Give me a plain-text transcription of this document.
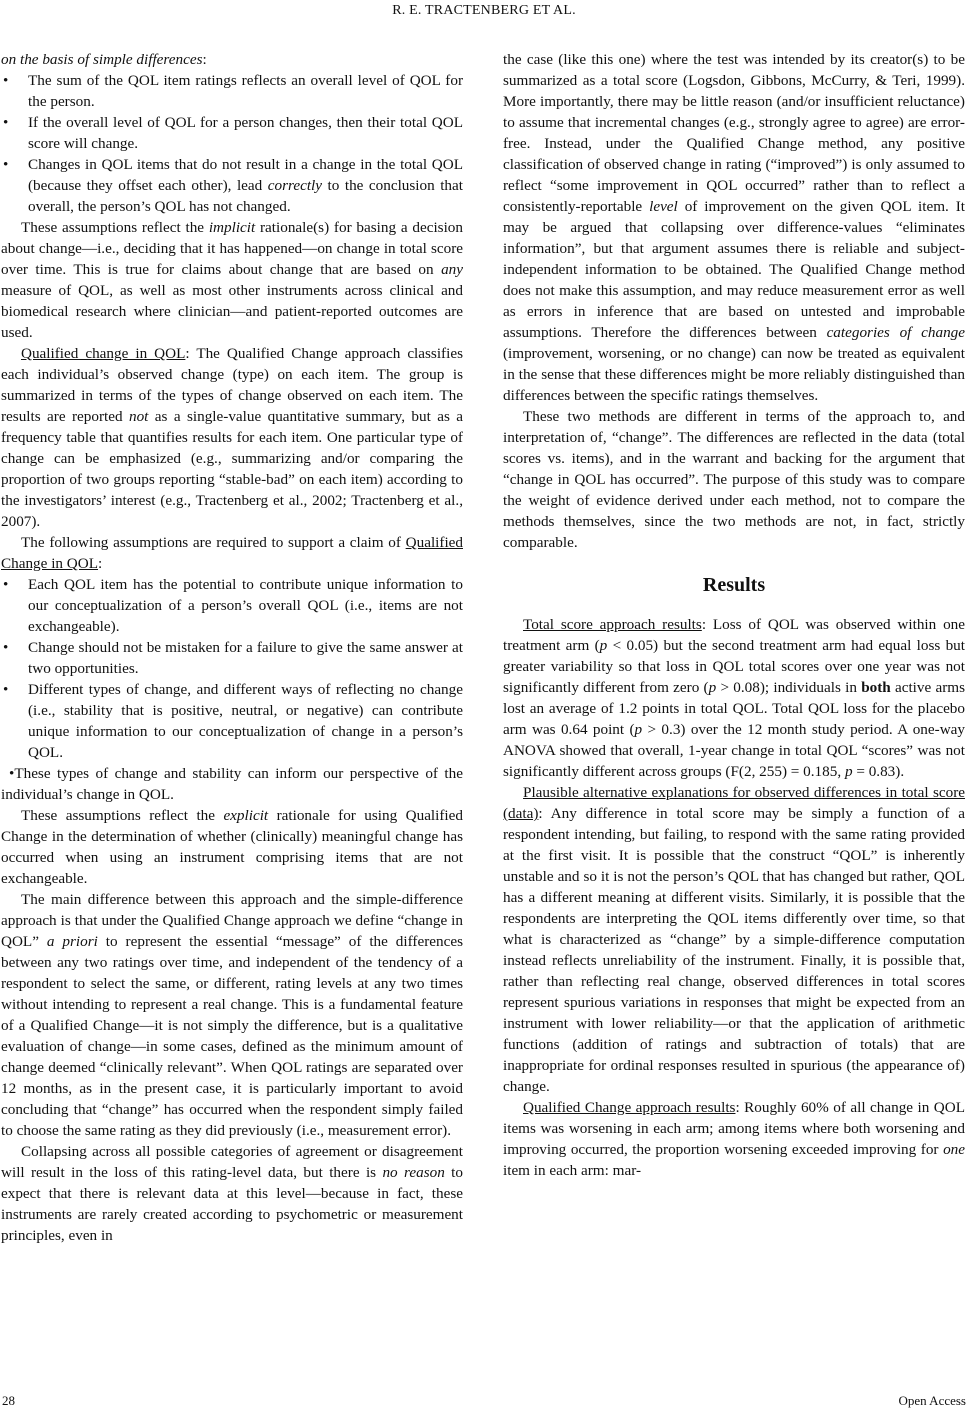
R. E. TRACTENBERG ET AL.

on the basis of simple differences:

• The sum of the QOL item ratings reflects an overall level of QOL for the person.
• If the overall level of QOL for a person changes, then their total QOL score will change.
• Changes in QOL items that do not result in a change in the total QOL (because they offset each other), lead correctly to the conclusion that overall, the person’s QOL has not changed.

These assumptions reflect the implicit rationale(s) for basing a decision about change—i.e., deciding that it has happened—on change in total score over time. This is true for claims about change that are based on any measure of QOL, as well as most other instruments across clinical and biomedical research where clinician—and patient-reported outcomes are used.

Qualified change in QOL: The Qualified Change approach classifies each individual’s observed change (type) on each item. The group is summarized in terms of the types of change observed on each item. The results are reported not as a single-value quantitative summary, but as a frequency table that quantifies results for each item. One particular type of change can be emphasized (e.g., summarizing and/or comparing the proportion of two groups reporting “stable-bad” on each item) according to the investigators’ interest (e.g., Tractenberg et al., 2002; Tractenberg et al., 2007).

The following assumptions are required to support a claim of Qualified Change in QOL:

• Each QOL item has the potential to contribute unique information to our conceptualization of a person’s overall QOL (i.e., items are not exchangeable).
• Change should not be mistaken for a failure to give the same answer at two opportunities.
• Different types of change, and different ways of reflecting no change (i.e., stability that is positive, neutral, or negative) can contribute unique information to our conceptualization of change in a person’s QOL.

•These types of change and stability can inform our perspective of the individual’s change in QOL.

These assumptions reflect the explicit rationale for using Qualified Change in the determination of whether (clinically) meaningful change has occurred when using an instrument comprising items that are not exchangeable.

The main difference between this approach and the simple-difference approach is that under the Qualified Change approach we define “change in QOL” a priori to represent the essential “message” of the differences between any two ratings over time, and independent of the tendency of a respondent to select the same, or different, rating levels at any two times without intending to represent a real change. This is a fundamental feature of a Qualified Change—it is not simply the difference, but is a qualitative evaluation of change—in some cases, defined as the minimum amount of change deemed “clinically relevant”. When QOL ratings are separated over 12 months, as in the present case, it is particularly important to avoid concluding that “change” has occurred when the respondent simply failed to choose the same rating as they did previously (i.e., measurement error).

Collapsing across all possible categories of agreement or disagreement will result in the loss of this rating-level data, but there is no reason to expect that there is relevant data at this level—because in fact, these instruments are rarely created according to psychometric or measurement principles, even in

the case (like this one) where the test was intended by its creator(s) to be summarized as a total score (Logsdon, Gibbons, McCurry, & Teri, 1999). More importantly, there may be little reason (and/or insufficient reluctance) to assume that incremental changes (e.g., strongly agree to agree) are error-free. Instead, under the Qualified Change method, any positive classification of observed change in rating (“improved”) is only assumed to reflect “some improvement in QOL occurred” rather than to reflect a consistently-reportable level of improvement on the given QOL item. It may be argued that collapsing over difference-values “eliminates information”, but that argument assumes there is reliable and subject-independent information to be obtained. The Qualified Change method does not make this assumption, and may reduce measurement error as well as errors in inference that are based on untested and improbable assumptions. Therefore the differences between categories of change (improvement, worsening, or no change) can now be treated as equivalent in the sense that these differences might be more reliably distinguished than differences between the specific ratings themselves.

These two methods are different in terms of the approach to, and interpretation of, “change”. The differences are reflected in the data (total scores vs. items), and in the warrant and backing for the argument that “change in QOL has occurred”. The purpose of this study was to compare the weight of evidence derived under each method, not to compare the methods themselves, since the two methods are not, in fact, strictly comparable.

Results

Total score approach results: Loss of QOL was observed within one treatment arm (p < 0.05) but the second treatment arm had equal loss but greater variability so that loss in QOL total scores over one year was not significantly different from zero (p > 0.08); individuals in both active arms lost an average of 1.2 points in total QOL. Total QOL loss for the placebo arm was 0.64 point (p > 0.3) over the 12 month study period. A one-way ANOVA showed that overall, 1-year change in total QOL “scores” was not significantly different across groups (F(2, 255) = 0.185, p = 0.83).

Plausible alternative explanations for observed differences in total score (data): Any difference in total score may be simply a function of a respondent intending, but failing, to respond with the same rating provided at the first visit. It is possible that the construct “QOL” is inherently unstable and so it is not the person’s QOL that has changed but rather, QOL has a different meaning at different visits. Similarly, it is possible that the respondents are interpreting the QOL items differently over time, so that what is characterized as “change” by a simple-difference computation instead reflects unreliability of the instrument. Finally, it is possible that, rather than reflecting real change, observed differences in total scores represent spurious variations in responses that might be expected from an instrument with lower reliability—or that the application of arithmetic functions (addition of ratings and subtraction of totals) that are inappropriate for ordinal responses resulted in spurious (the appearance of) change.

Qualified Change approach results: Roughly 60% of all change in QOL items was worsening in each arm; among items where both worsening and improving occurred, the proportion worsening exceeded improving for one item in each arm: mar-

28	Open Access
